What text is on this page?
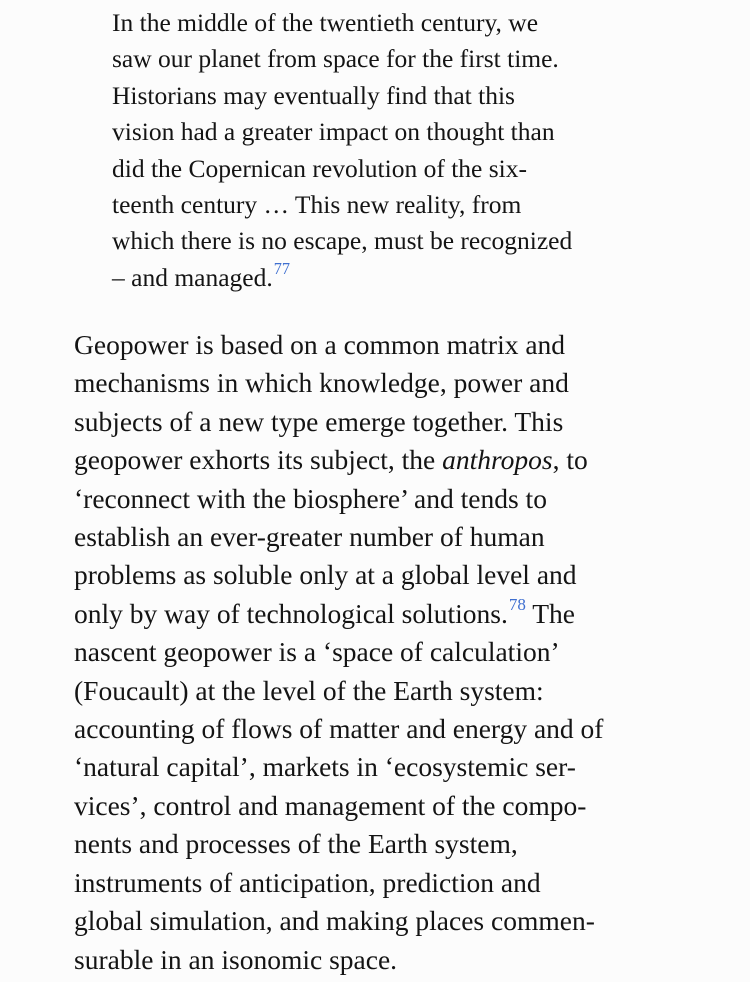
In the middle of the twentieth century, we
saw our planet from space for the first time.
Historians may eventually find that this
vision had a greater impact on thought than
did the Copernican revolution of the six-
teenth century … This new reality, from
which there is no escape, must be recognized
– and managed.$^{77}$
Geopower is based on a common matrix and
mechanisms in which knowledge, power and
subjects of a new type emerge together. This
geopower exhorts its subject, the anthropos, to
‘reconnect with the biosphere’ and tends to
establish an ever-greater number of human
problems as soluble only at a global level and
only by way of technological solutions.$^{78}$ The
nascent geopower is a ‘space of calculation’
(Foucault) at the level of the Earth system:
accounting of flows of matter and energy and of
‘natural capital’, markets in ‘ecosystemic ser-
vices’, control and management of the compo-
nents and processes of the Earth system,
instruments of anticipation, prediction and
global simulation, and making places commen-
surable in an isonomic space.
